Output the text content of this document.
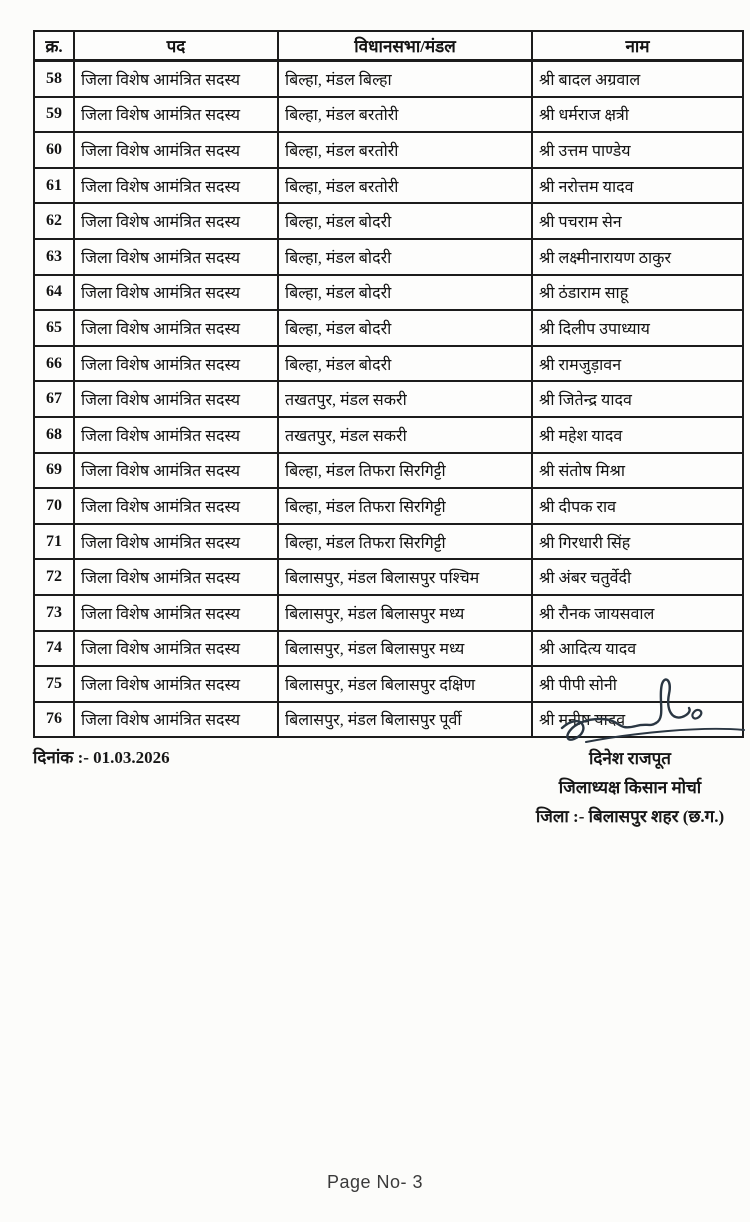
क्र.	पद	विधानसभा/मंडल	नाम
58	जिला विशेष आमंत्रित सदस्य	बिल्हा, मंडल बिल्हा	श्री बादल अग्रवाल
59	जिला विशेष आमंत्रित सदस्य	बिल्हा, मंडल बरतोरी	श्री धर्मराज क्षत्री
60	जिला विशेष आमंत्रित सदस्य	बिल्हा, मंडल बरतोरी	श्री उत्तम पाण्डेय
61	जिला विशेष आमंत्रित सदस्य	बिल्हा, मंडल बरतोरी	श्री नरोत्तम यादव
62	जिला विशेष आमंत्रित सदस्य	बिल्हा, मंडल बोदरी	श्री पचराम सेन
63	जिला विशेष आमंत्रित सदस्य	बिल्हा, मंडल बोदरी	श्री लक्ष्मीनारायण ठाकुर
64	जिला विशेष आमंत्रित सदस्य	बिल्हा, मंडल बोदरी	श्री ठंडाराम साहू
65	जिला विशेष आमंत्रित सदस्य	बिल्हा, मंडल बोदरी	श्री दिलीप उपाध्याय
66	जिला विशेष आमंत्रित सदस्य	बिल्हा, मंडल बोदरी	श्री रामजुड़ावन
67	जिला विशेष आमंत्रित सदस्य	तखतपुर, मंडल सकरी	श्री जितेन्द्र यादव
68	जिला विशेष आमंत्रित सदस्य	तखतपुर, मंडल सकरी	श्री महेश यादव
69	जिला विशेष आमंत्रित सदस्य	बिल्हा, मंडल तिफरा सिरगिट्टी	श्री संतोष मिश्रा
70	जिला विशेष आमंत्रित सदस्य	बिल्हा, मंडल तिफरा सिरगिट्टी	श्री दीपक राव
71	जिला विशेष आमंत्रित सदस्य	बिल्हा, मंडल तिफरा सिरगिट्टी	श्री गिरधारी सिंह
72	जिला विशेष आमंत्रित सदस्य	बिलासपुर, मंडल बिलासपुर पश्चिम	श्री अंबर चतुर्वेदी
73	जिला विशेष आमंत्रित सदस्य	बिलासपुर, मंडल बिलासपुर मध्य	श्री रौनक जायसवाल
74	जिला विशेष आमंत्रित सदस्य	बिलासपुर, मंडल बिलासपुर मध्य	श्री आदित्य यादव
75	जिला विशेष आमंत्रित सदस्य	बिलासपुर, मंडल बिलासपुर दक्षिण	श्री पीपी सोनी
76	जिला विशेष आमंत्रित सदस्य	बिलासपुर, मंडल बिलासपुर पूर्वी	श्री मनीष यादव
दिनांक :- 01.03.2026	दिनेश राजपूत
जिलाध्यक्ष किसान मोर्चा
जिला :- बिलासपुर शहर (छ.ग.)
Page No- 3
